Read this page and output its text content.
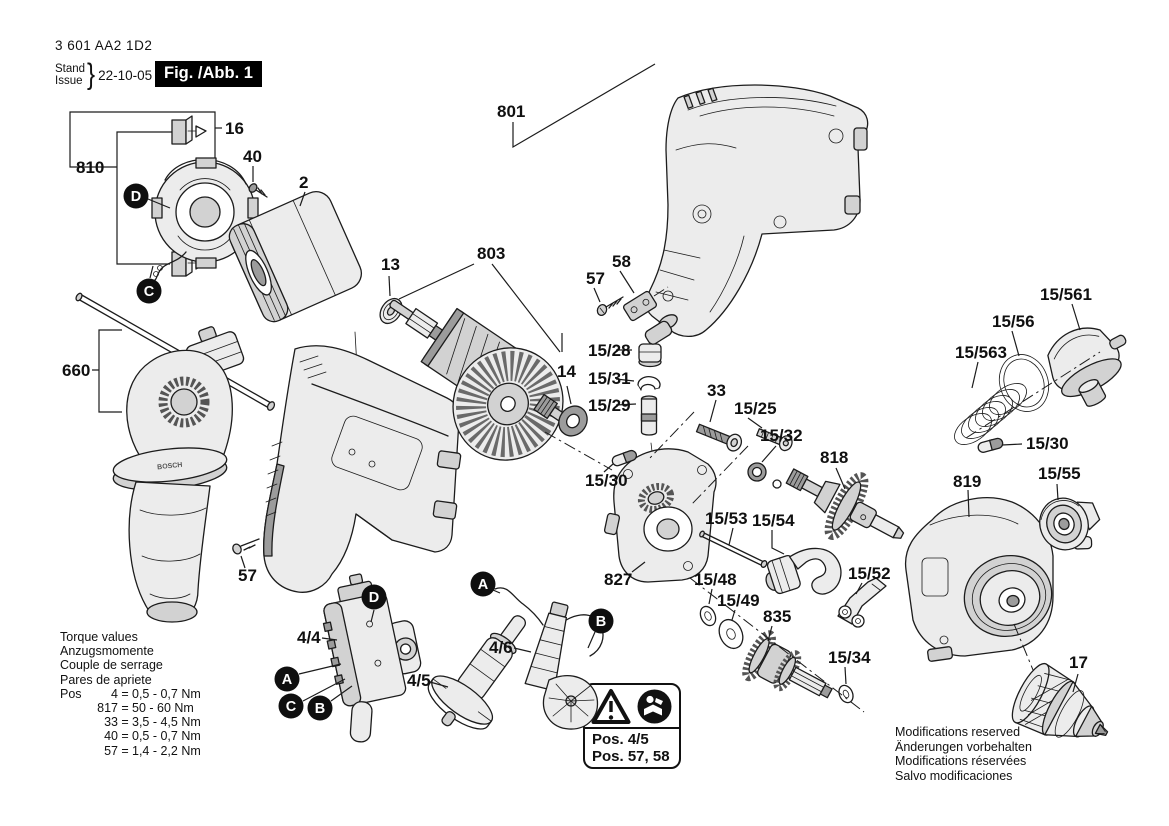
3 601 AA2 1D2
Stand
Issue } 22-10-05 Fig. /Abb. 1
Torque values
Anzugsmomente
Couple de serrage
Pares de apriete
Pos	4 = 0,5 - 0,7 Nm
817 = 50 - 60 Nm
33 = 3,5 - 4,5 Nm
40 = 0,5 - 0,7 Nm
57 = 1,4 - 2,2 Nm
Modifications reserved
Änderungen vorbehalten
Modifications réservées
Salvo modificaciones
Pos. 4/5
Pos. 57, 58
BOSCH
16
810
40
2
660
13
803
801
57
58
14
15/28
15/31
15/29
33
15/25
15/32
818
15/30
827
15/53 15/54
15/48
15/49
835
15/52
15/34
57
4/4
4/5
4/6
15/563
15/56
15/561
15/30
819	15/55
17
D
C
D
A
C B
A
B
